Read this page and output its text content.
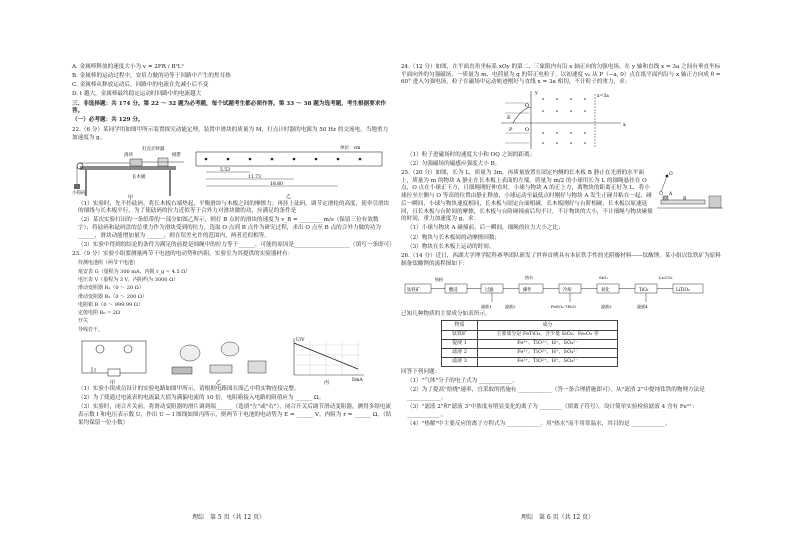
A. 金属棒释放的速度大小为 v = 2FR / B²L²

B. 金属棒的运动过程中，安培力做的功等于回路中产生的焦耳热

C. 金属棒从释放运动后，回路中的电流在先减小后不变

D. t 越大，金属棒最终稳定运动时回路中的电流越大

三、非选择题：共 174 分。第 22 ～ 32 题为必考题，每个试题考生都必须作答。第 33 ～ 38 题为选考题，考生根据要求作答。

（一）必考题：共 129 分。

22.（6 分）某同学用如图甲所示装置探究动能定理，装置中滑块的质量为 M，打点计时器的电源为 50 Hz 的交流电，当地重力加速度为 g。

打点计时器
纸带
滑块
长木板
小钩码
甲
单位：cm
5.53
11.73
18.80
乙

（1）实验时，先不挂砝码，将长木板右端垫起，平衡滑块与木板之间的摩擦力；再挂上砝码，调节定滑轮的高度，使牵引滑块的细线与长木板平行，为了使砝码的拉力近似等于合外力对滑块做的功，应满足的条件是

（2）某次实验打出的一条纸带的一部分如图乙所示，则打 B 点时的滑块的速度为 v_B = ________ m/s（保留三位有效数字）；将砝码和砝码盘的总重力作为滑块受到的拉力，选取 O 点到 B 点作为研究过程，求出 O 点至 B 点的合外力做的功为 ______，滑块动能增加量为 ______，则在误差允许的范围内，两者近似相等。

（3）实验中得到的结论的条件为满足的前提是细绳中的拉力等于______，可能的原因是____________________（填写一条即可）

23.（9 分）实验小组要测量两节干电池的电动势和内阻。实验室为其提供的实验器材有：

待测电池组（两节干电池）

毫安表 G（量程为 300 mA，内阻 r_g = 4.5 Ω）

电压表 V（量程为 3 V，内阻约为 3000 Ω）

滑动变阻器 R₁（0 ～ 20 Ω）

滑动变阻器 R₂（0 ～ 200 Ω）

电阻箱 R（0 ～ 999.99 Ω）

定值电阻 R₀ = 2Ω

开关

导线若干。

甲	乙
U/V
I/mA
丙

（1）实验小组成员设计的实验电路如图甲所示，请根据电路图在图乙中将实物连接完整。

（2）为了使通过电流表的电流最大值为满偏电流的 10 倍，电阻箱接入电路的阻值应为 ______ Ω。

（3）实验时，闭合开关前，将滑动变阻器的滑片调到端______（选填"左"或"右"），闭合开关后调节滑动变阻器，测得多组电流表示数 I 和电压表示数 U，作出 U − I 图线如图丙所示，则两节干电池的电动势为 E = ______ V，内阻为 r = ______ Ω。（结果均保留一位小数）

理综　第 5 页（共 12 页）

24.（12 分）如图，在平面直角坐标系 xOy 的第二、三象限内有沿 x 轴正向的匀强电场，在 y 轴和直线 x = 3a 之间有垂直坐标平面向外的匀强磁场，一质量为 m、电荷量为 q 的带正电粒子，以初速度 v₀ 从 P（−a, 0）点在纸平面内沿与 x 轴正方向成 θ = 60° 进入匀强电场，粒子在磁场中运动轨迹刚好与直线 x = 3a 相切，不计粒子的重力，求：

y
x
E
P	O
Q
x=3a

（1）粒子进磁场时的速度大小和 OQ 之间的距离；

（2）匀强磁场的磁感应强度大小 B。

25.（20 分）如图，长为 L，质量为 3m，再质量放置在固定内侧的长木板 B 静止在光滑的水平面上，质量为 m 的物块 A 静止在长木板上表面的左端，质量为 m/2 的小球用长为 L 的细绳悬挂在 O 点，O 点在小球正下方，且细绳刚好伸直时，小球与物块 A 的正上方，离物块的距离正好为 L，将小球拉至左侧与 O 等高的位置由静止释放，小球运动至最低点时刚好与物块 A 发生正碰并粘在一起，碰后一瞬间，小球与物块速度相同，长木板与固定台面相碰，长木板刚好与台阶相碰，长木板以原速返回，且长木板与台阶间的摩擦，长木板与台阶碰撞前后均不计，不计物块的大小，不计细绳与物块碰撞的时间，重力加速度为 g，求：

O
A
B

（1）小球与物块 A 碰撞前、后一瞬间，细绳的拉力大小之比；

（2）物块与长木板间的动摩擦因数；

（3）物块在长木板上运动的时间。

26.（14 分）近日，西湖大学理学院科赛华团队研发了世界首例具有本征铁手性的光阴极材料——钛酸锂。某小组以钛铁矿为原料制备钛酸锂的流程图如下：

钛铁矿	酸浸	过滤	操作	冷却	氧化	TiO₂	LiTiO₂
铁粉	热水	Li₂CO₃
SiO₂
滤液1	滤液2	FeSO₄·7H₂O	滤液3	滤液4

已知几种物质的主要成分如表所示。

物质	成分
钛铁矿	主要成分是 FeTiO₃，含少量 SiO₂、Fe₂O₃ 等
提液 1	Fe³⁺、TiO²⁺、H⁺、SO₄²⁻
滤液 2	Fe²⁺、TiO²⁺、H⁺、SO₄²⁻
滤液 3	Fe²⁺、TiO²⁺、H⁺、SO₄²⁻

回答下列问题：

（1）"气体"分子的电子式为 ____________。

（2）为了提高"焙烧"速率，宜采取的措施有 ____________（答一条合理措施即可）。从"滤渣 2"中提纯钛铁的物理方法是 ____________。

（3）"滤液 2"和"滤液 3"中浓度有明显变化的离子为 ________（填离子符号）。设计简单实验检验滤液 4 含有 Fe²⁺：____________。

（4）"热解"中主要反应的离子方程式为 ____________。用"热水"而不用常温水，其目的是 ____________。

理综　第 6 页（共 12 页）
